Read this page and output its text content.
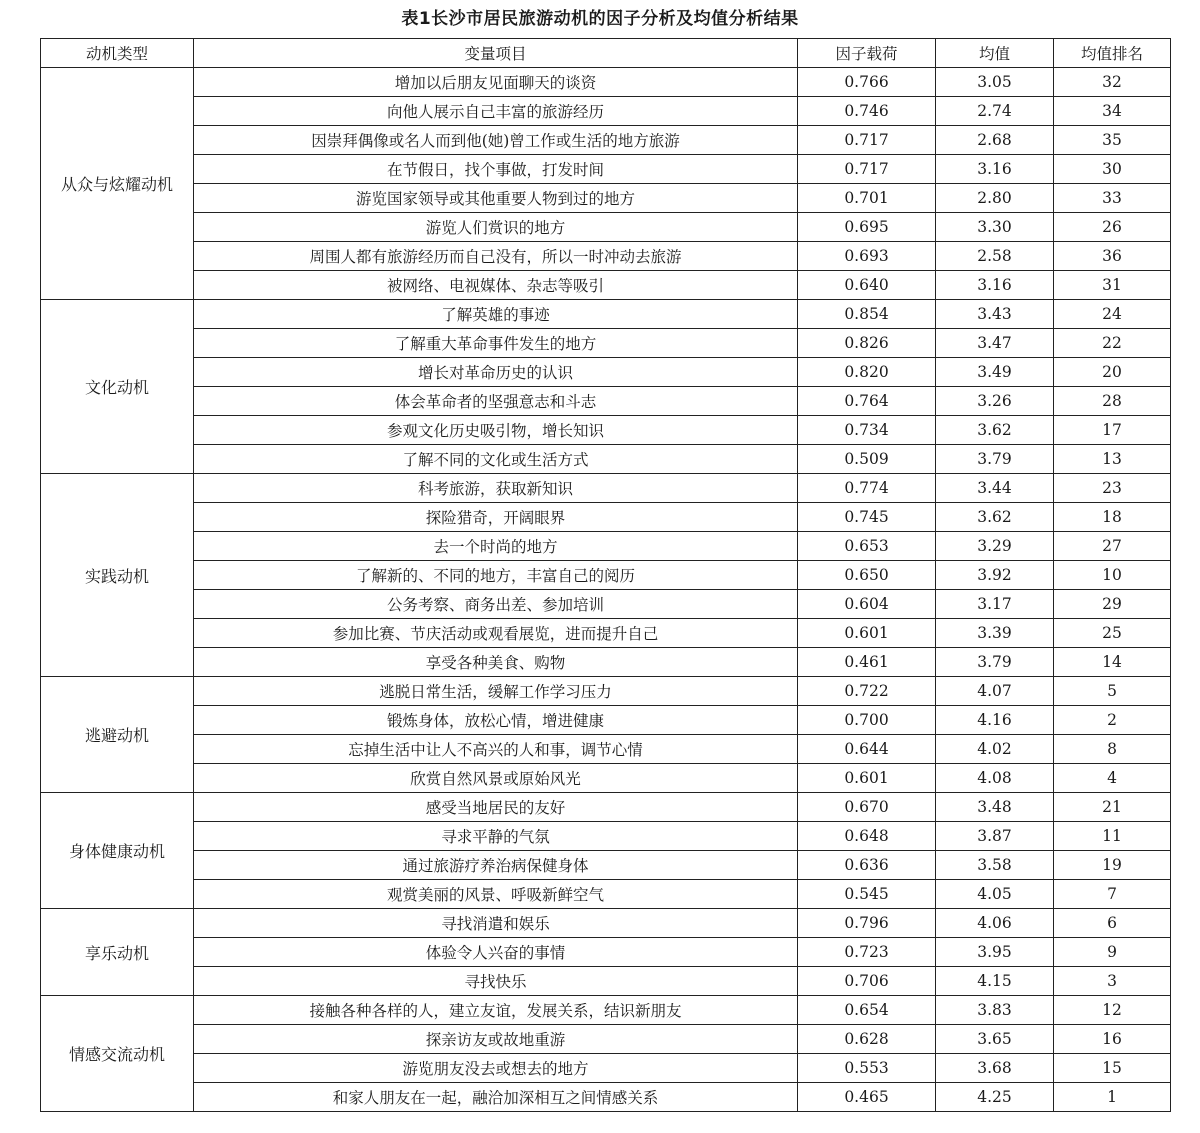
表1长沙市居民旅游动机的因子分析及均值分析结果
动机类型	变量项目	因子载荷	均值	均值排名
从众与炫耀动机	增加以后朋友见面聊天的谈资	0.766	3.05	32
	向他人展示自己丰富的旅游经历	0.746	2.74	34
	因崇拜偶像或名人而到他(她)曾工作或生活的地方旅游	0.717	2.68	35
	在节假日，找个事做，打发时间	0.717	3.16	30
	游览国家领导或其他重要人物到过的地方	0.701	2.80	33
	游览人们赏识的地方	0.695	3.30	26
	周围人都有旅游经历而自己没有，所以一时冲动去旅游	0.693	2.58	36
	被网络、电视媒体、杂志等吸引	0.640	3.16	31
文化动机	了解英雄的事迹	0.854	3.43	24
	了解重大革命事件发生的地方	0.826	3.47	22
	增长对革命历史的认识	0.820	3.49	20
	体会革命者的坚强意志和斗志	0.764	3.26	28
	参观文化历史吸引物，增长知识	0.734	3.62	17
	了解不同的文化或生活方式	0.509	3.79	13
实践动机	科考旅游，获取新知识	0.774	3.44	23
	探险猎奇，开阔眼界	0.745	3.62	18
	去一个时尚的地方	0.653	3.29	27
	了解新的、不同的地方，丰富自己的阅历	0.650	3.92	10
	公务考察、商务出差、参加培训	0.604	3.17	29
	参加比赛、节庆活动或观看展览，进而提升自己	0.601	3.39	25
	享受各种美食、购物	0.461	3.79	14
逃避动机	逃脱日常生活，缓解工作学习压力	0.722	4.07	5
	锻炼身体，放松心情，增进健康	0.700	4.16	2
	忘掉生活中让人不高兴的人和事，调节心情	0.644	4.02	8
	欣赏自然风景或原始风光	0.601	4.08	4
身体健康动机	感受当地居民的友好	0.670	3.48	21
	寻求平静的气氛	0.648	3.87	11
	通过旅游疗养治病保健身体	0.636	3.58	19
	观赏美丽的风景、呼吸新鲜空气	0.545	4.05	7
享乐动机	寻找消遣和娱乐	0.796	4.06	6
	体验令人兴奋的事情	0.723	3.95	9
	寻找快乐	0.706	4.15	3
情感交流动机	接触各种各样的人，建立友谊，发展关系，结识新朋友	0.654	3.83	12
	探亲访友或故地重游	0.628	3.65	16
	游览朋友没去或想去的地方	0.553	3.68	15
	和家人朋友在一起，融洽加深相互之间情感关系	0.465	4.25	1
